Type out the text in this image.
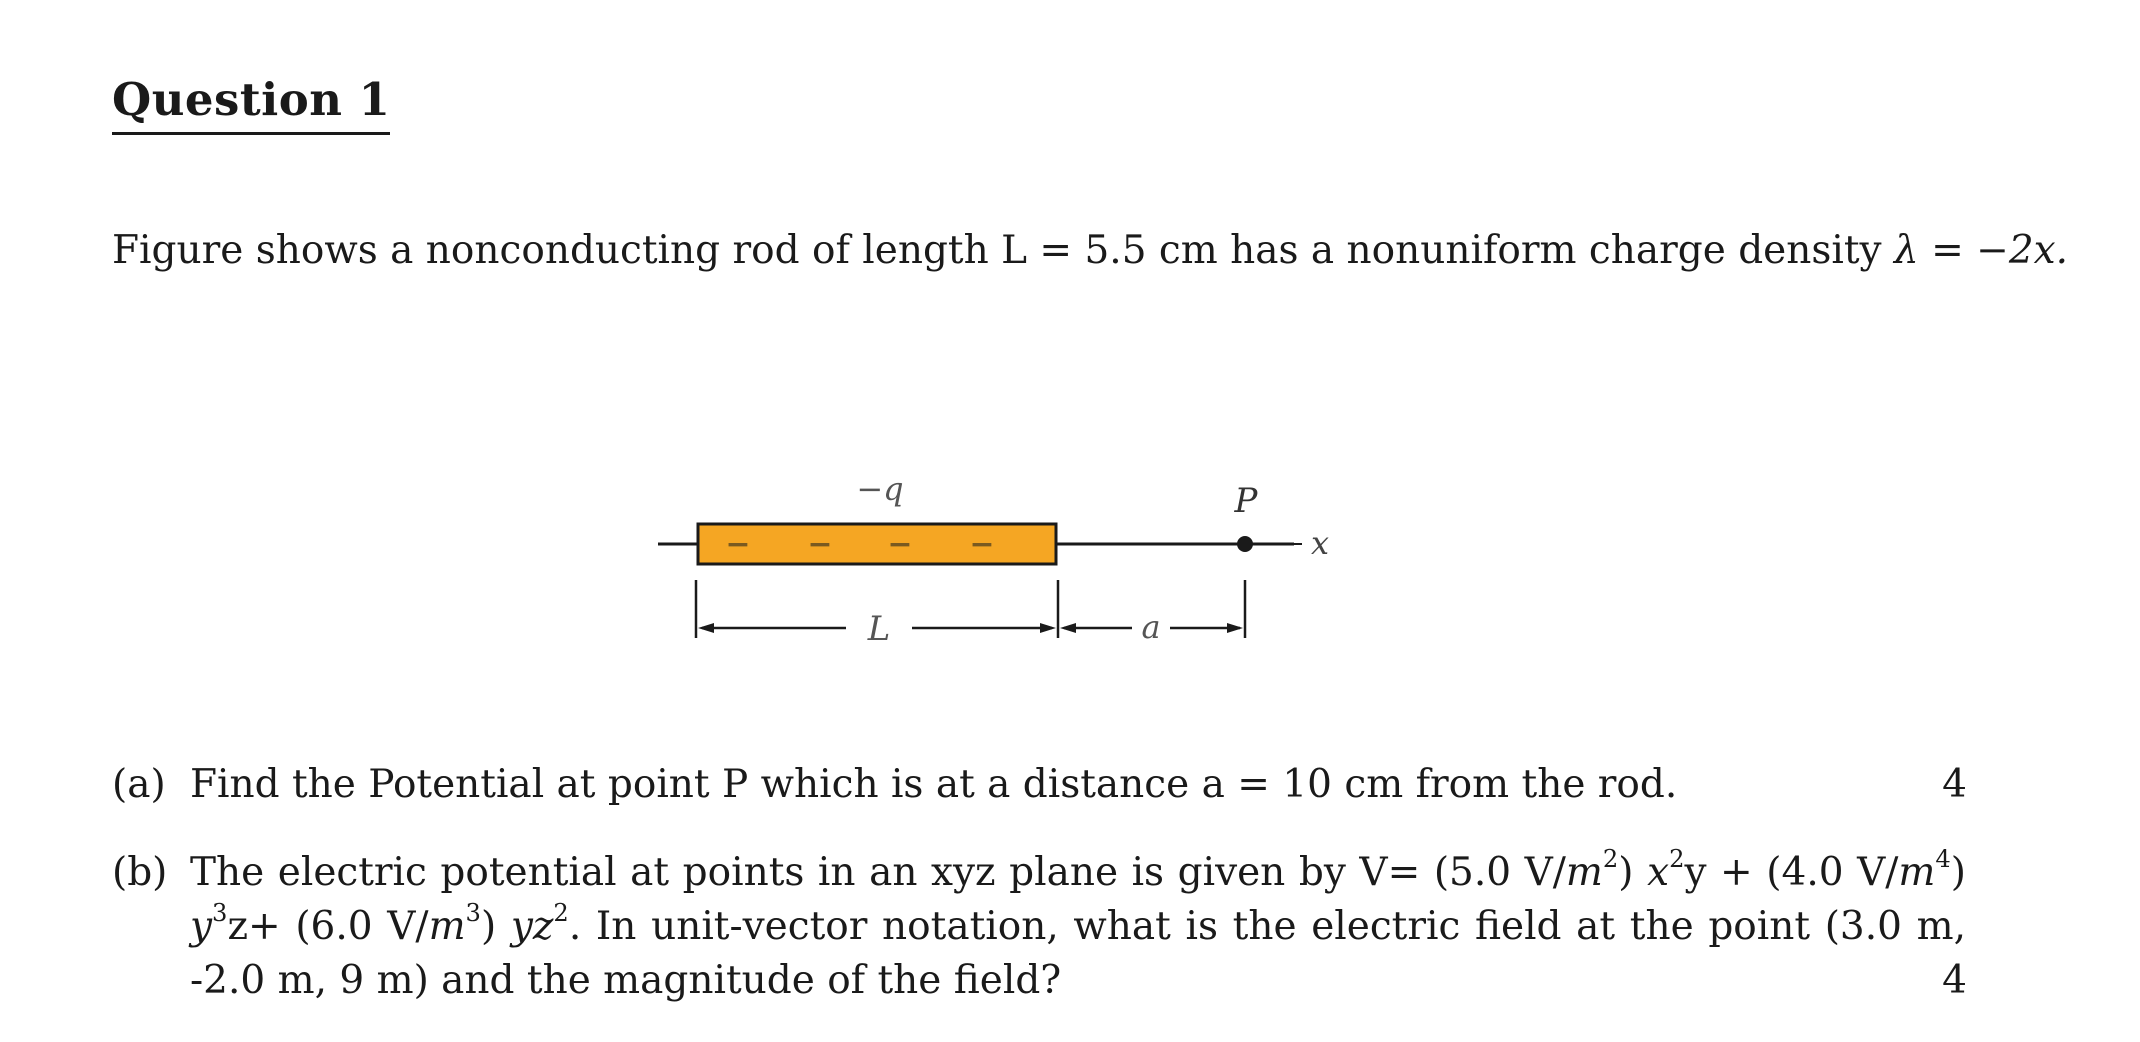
Question 1
Figure shows a nonconducting rod of length L = 5.5 cm has a nonuniform charge density λ = −2x.
− − − −
−q	P
x
L	a
(a) Find the Potential at point P which is at a distance a = 10 cm from the rod.	4
(b) The electric potential at points in an xyz plane is given by V= (5.0 $V/m^2$) $x^2y + (4.0$ $V/m^4$) $y^3z+ (6.0$ $V/m^3$) $yz^2$. In unit-vector notation, what is the electric field at the point (3.0 m, -2.0 m, 9 m) and the magnitude of the field?	4
